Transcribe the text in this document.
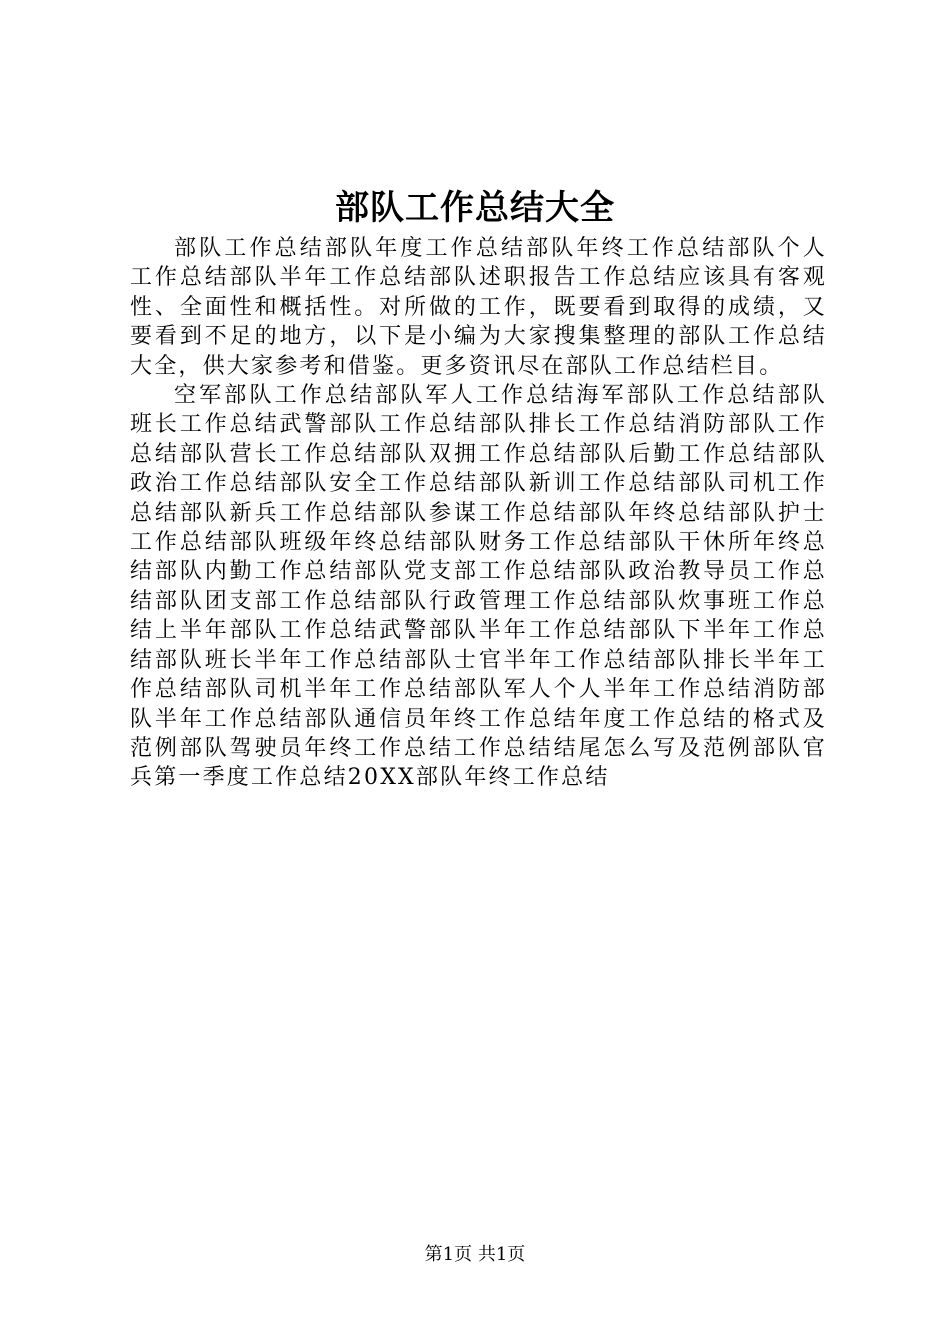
部队工作总结大全

部队工作总结部队年度工作总结部队年终工作总结部队个人工作总结部队半年工作总结部队述职报告工作总结应该具有客观性、全面性和概括性。对所做的工作，既要看到取得的成绩，又要看到不足的地方，以下是小编为大家搜集整理的部队工作总结大全，供大家参考和借鉴。更多资讯尽在部队工作总结栏目。

空军部队工作总结部队军人工作总结海军部队工作总结部队班长工作总结武警部队工作总结部队排长工作总结消防部队工作总结部队营长工作总结部队双拥工作总结部队后勤工作总结部队政治工作总结部队安全工作总结部队新训工作总结部队司机工作总结部队新兵工作总结部队参谋工作总结部队年终总结部队护士工作总结部队班级年终总结部队财务工作总结部队干休所年终总结部队内勤工作总结部队党支部工作总结部队政治教导员工作总结部队团支部工作总结部队行政管理工作总结部队炊事班工作总结上半年部队工作总结武警部队半年工作总结部队下半年工作总结部队班长半年工作总结部队士官半年工作总结部队排长半年工作总结部队司机半年工作总结部队军人个人半年工作总结消防部队半年工作总结部队通信员年终工作总结年度工作总结的格式及范例部队驾驶员年终工作总结工作总结结尾怎么写及范例部队官兵第一季度工作总结20XX部队年终工作总结

第1页 共1页
